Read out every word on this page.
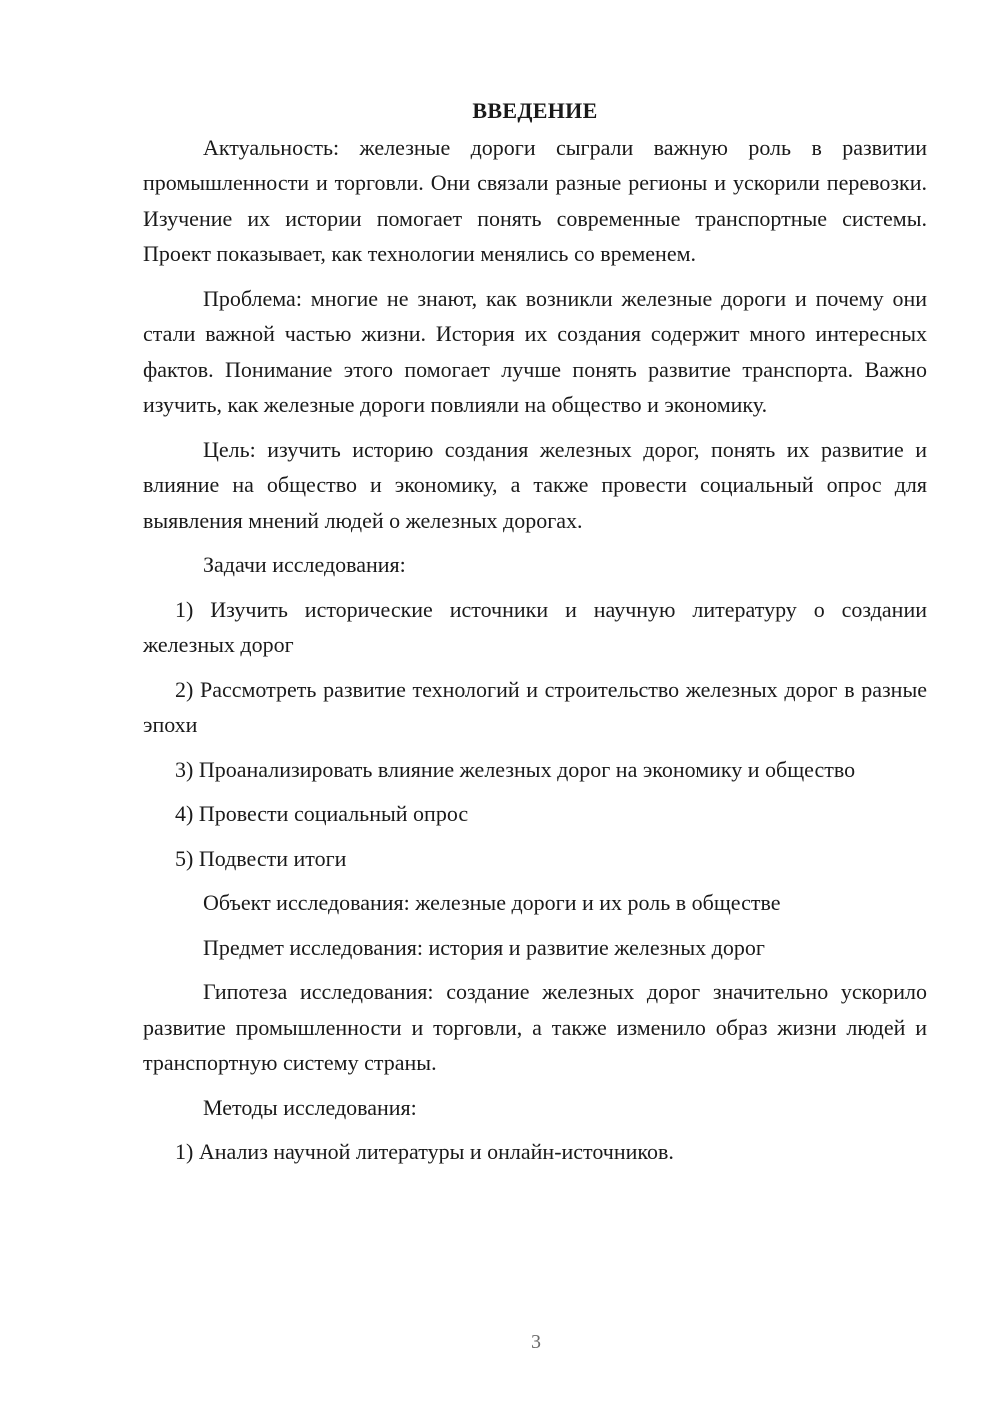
ВВЕДЕНИЕ

Актуальность: железные дороги сыграли важную роль в развитии промышленности и торговли. Они связали разные регионы и ускорили перевозки. Изучение их истории помогает понять современные транспортные системы. Проект показывает, как технологии менялись со временем.

Проблема: многие не знают, как возникли железные дороги и почему они стали важной частью жизни. История их создания содержит много интересных фактов. Понимание этого помогает лучше понять развитие транспорта. Важно изучить, как железные дороги повлияли на общество и экономику.

Цель: изучить историю создания железных дорог, понять их развитие и влияние на общество и экономику, а также провести социальный опрос для выявления мнений людей о железных дорогах.

Задачи исследования:

1) Изучить исторические источники и научную литературу о создании железных дорог

2) Рассмотреть развитие технологий и строительство железных дорог в разные эпохи

3) Проанализировать влияние железных дорог на экономику и общество

4) Провести социальный опрос

5) Подвести итоги

Объект исследования: железные дороги и их роль в обществе

Предмет исследования: история и развитие железных дорог

Гипотеза исследования: создание железных дорог значительно ускорило развитие промышленности и торговли, а также изменило образ жизни людей и транспортную систему страны.

Методы исследования:

1) Анализ научной литературы и онлайн-источников.

3
